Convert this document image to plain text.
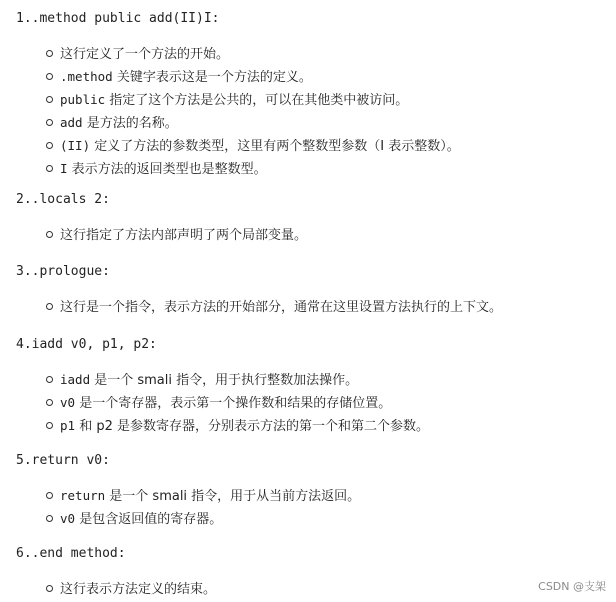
1..method public add(II)I:
这行定义了一个方法的开始。
.method 关键字表示这是一个方法的定义。
public 指定了这个方法是公共的，可以在其他类中被访问。
add 是方法的名称。
(II) 定义了方法的参数类型，这里有两个整数型参数（I 表示整数）。
I 表示方法的返回类型也是整数型。
2..locals 2:
这行指定了方法内部声明了两个局部变量。
3..prologue:
这行是一个指令，表示方法的开始部分，通常在这里设置方法执行的上下文。
4.iadd v0, p1, p2:
iadd 是一个 smali 指令，用于执行整数加法操作。
v0 是一个寄存器，表示第一个操作数和结果的存储位置。
p1 和 p2 是参数寄存器，分别表示方法的第一个和第二个参数。
5.return v0:
return 是一个 smali 指令，用于从当前方法返回。
v0 是包含返回值的寄存器。
6..end method:
这行表示方法定义的结束。	CSDN @支架
